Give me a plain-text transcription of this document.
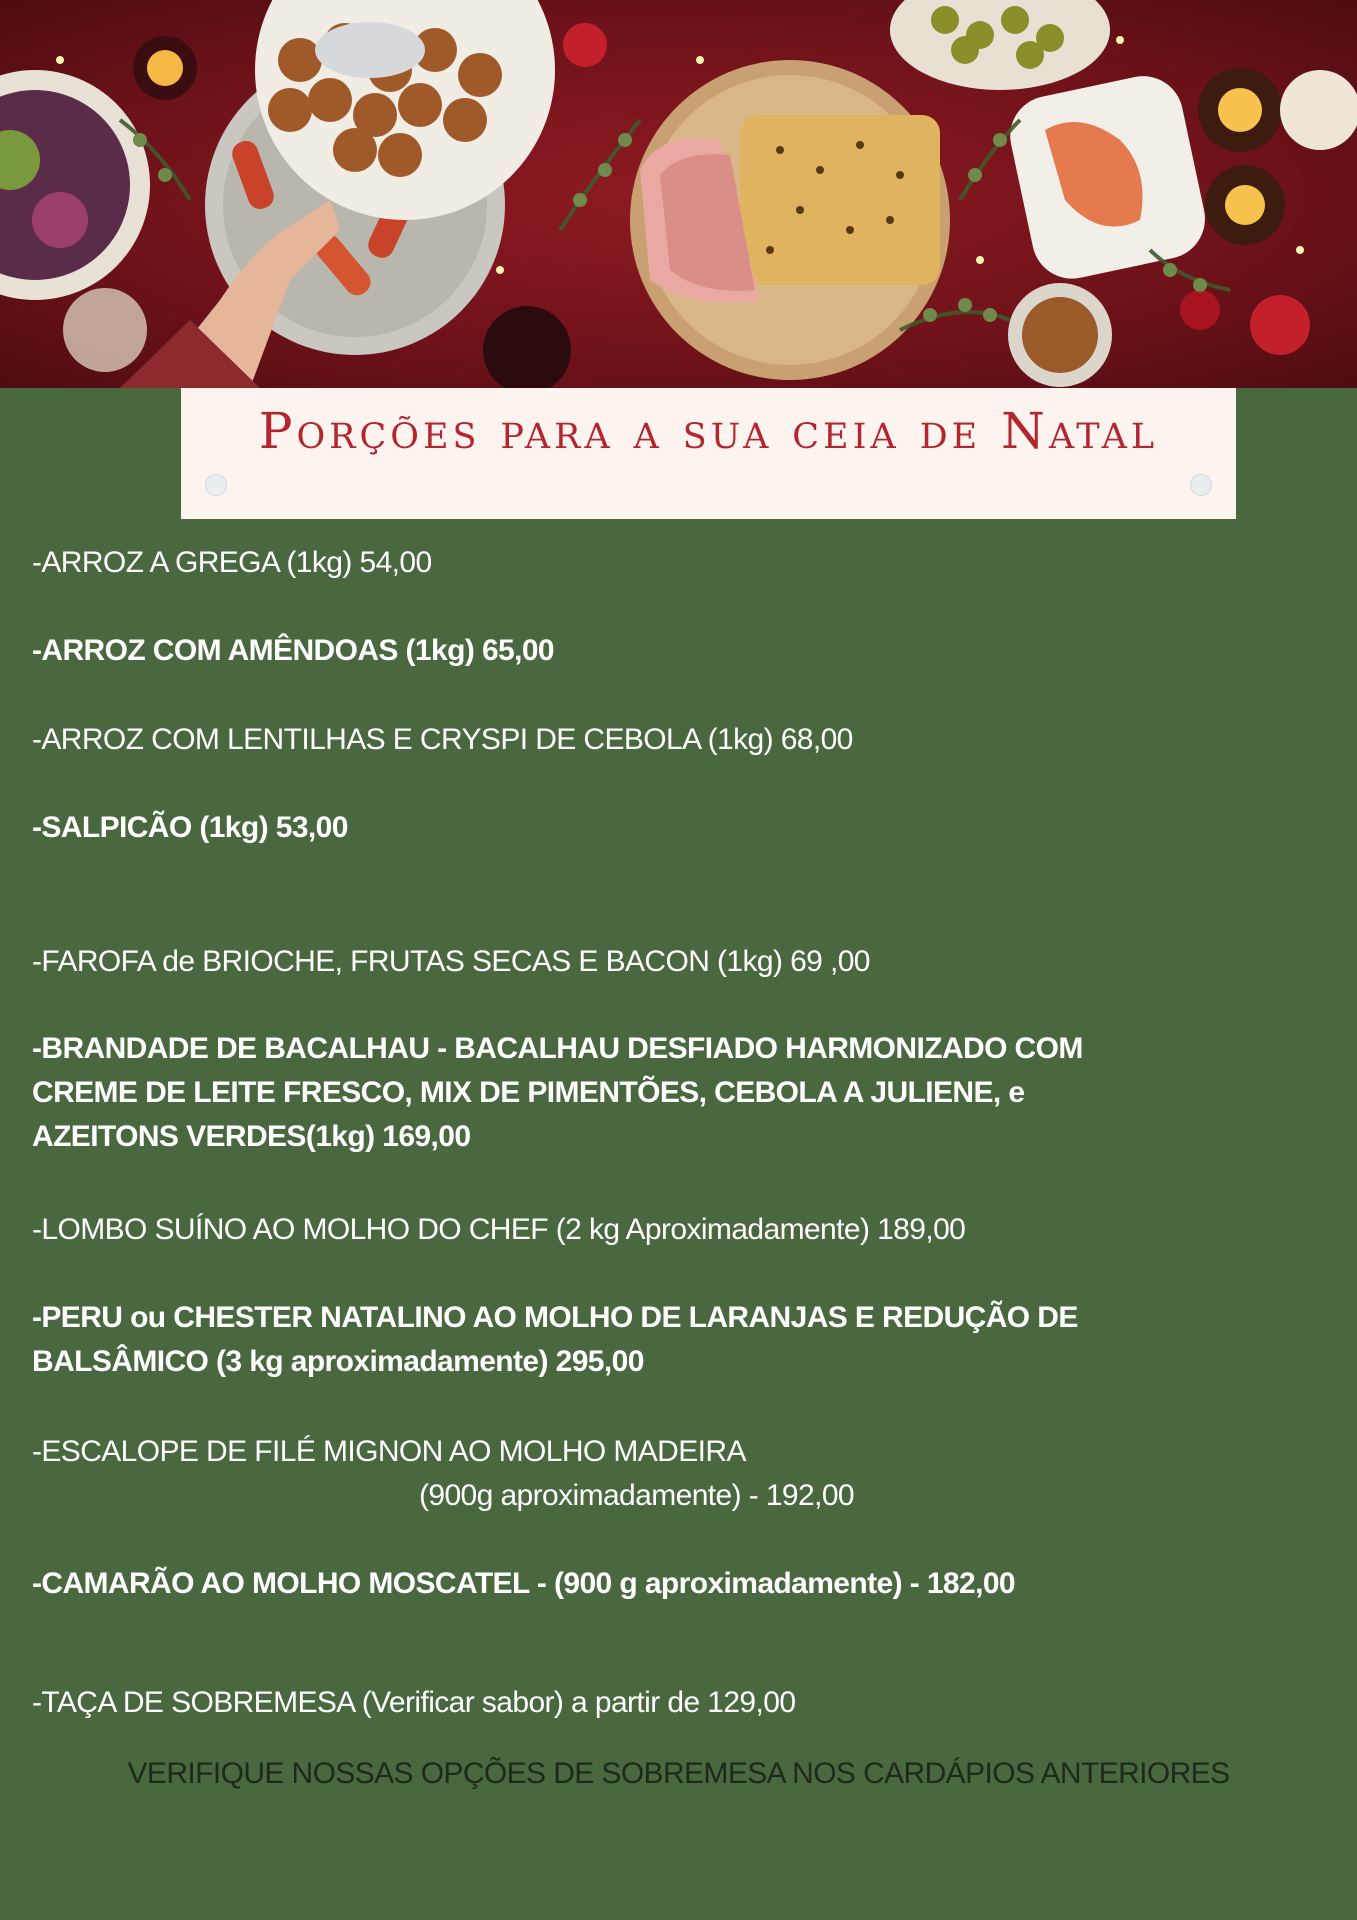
Porções para a sua ceia de Natal
-ARROZ A GREGA (1kg) 54,00
-ARROZ COM AMÊNDOAS (1kg) 65,00
-ARROZ COM LENTILHAS E CRYSPI DE CEBOLA (1kg) 68,00
-SALPICÃO (1kg) 53,00
-FAROFA de BRIOCHE, FRUTAS SECAS E BACON (1kg) 69 ,00
-BRANDADE DE BACALHAU - BACALHAU DESFIADO HARMONIZADO COM
CREME DE LEITE FRESCO, MIX DE PIMENTÕES, CEBOLA A JULIENE, e
AZEITONS VERDES(1kg) 169,00
-LOMBO SUÍNO AO MOLHO DO CHEF (2 kg Aproximadamente) 189,00
-PERU ou CHESTER NATALINO AO MOLHO DE LARANJAS E REDUÇÃO DE
BALSÂMICO (3 kg aproximadamente) 295,00
-ESCALOPE DE FILÉ MIGNON AO MOLHO MADEIRA
(900g aproximadamente) - 192,00
-CAMARÃO AO MOLHO MOSCATEL - (900 g aproximadamente) - 182,00
-TAÇA DE SOBREMESA (Verificar sabor) a partir de 129,00
VERIFIQUE NOSSAS OPÇÕES DE SOBREMESA NOS CARDÁPIOS ANTERIORES
